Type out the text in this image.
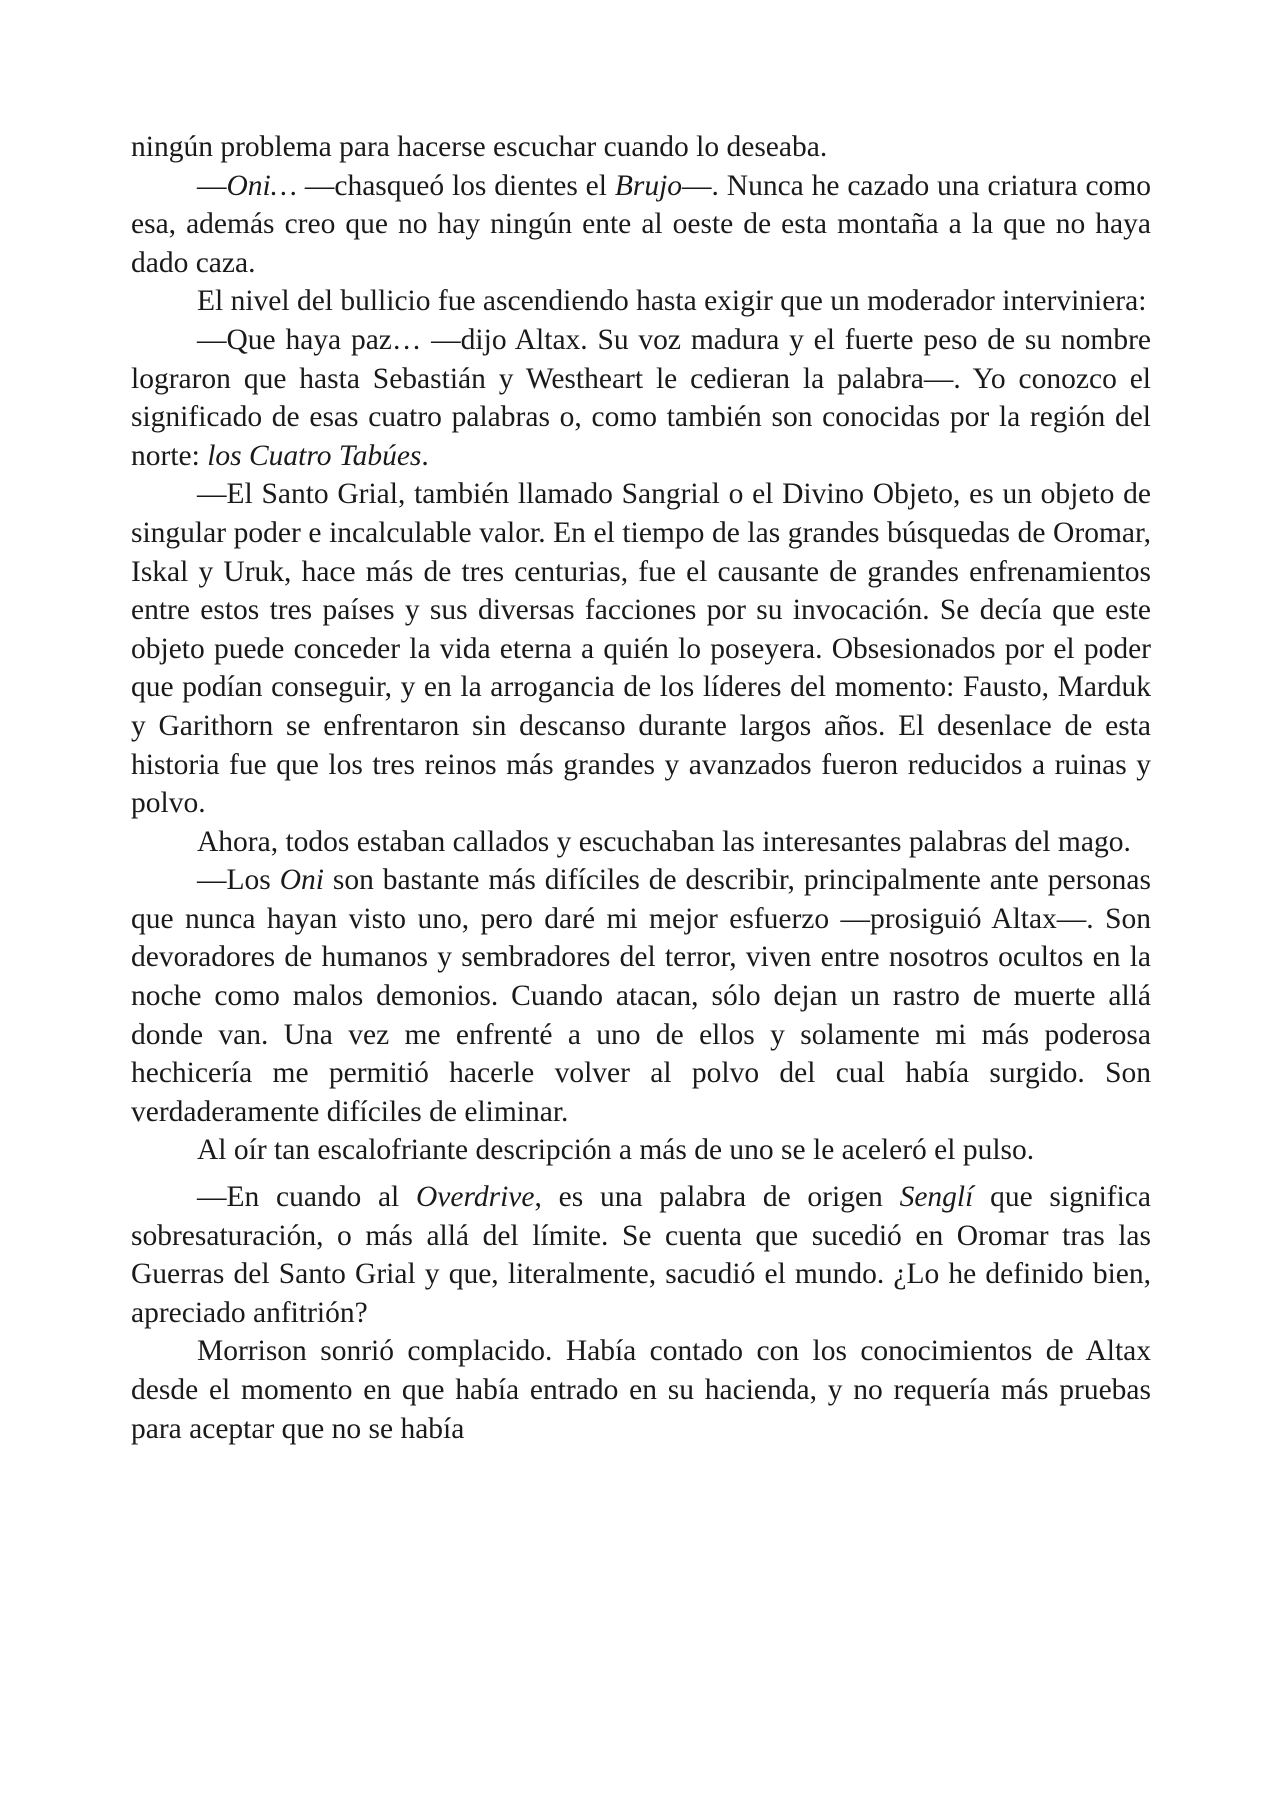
ningún problema para hacerse escuchar cuando lo deseaba.

—Oni… —chasqueó los dientes el Brujo—. Nunca he cazado una criatura como esa, además creo que no hay ningún ente al oeste de esta montaña a la que no haya dado caza.

El nivel del bullicio fue ascendiendo hasta exigir que un moderador interviniera:

—Que haya paz… —dijo Altax. Su voz madura y el fuerte peso de su nombre lograron que hasta Sebastián y Westheart le cedieran la palabra—. Yo conozco el significado de esas cuatro palabras o, como también son conocidas por la región del norte: los Cuatro Tabúes.

—El Santo Grial, también llamado Sangrial o el Divino Objeto, es un objeto de singular poder e incalculable valor. En el tiempo de las grandes búsquedas de Oromar, Iskal y Uruk, hace más de tres centurias, fue el causante de grandes enfrenamientos entre estos tres países y sus diversas facciones por su invocación. Se decía que este objeto puede conceder la vida eterna a quién lo poseyera. Obsesionados por el poder que podían conseguir, y en la arrogancia de los líderes del momento: Fausto, Marduk y Garithorn se enfrentaron sin descanso durante largos años. El desenlace de esta historia fue que los tres reinos más grandes y avanzados fueron reducidos a ruinas y polvo.

Ahora, todos estaban callados y escuchaban las interesantes palabras del mago.

—Los Oni son bastante más difíciles de describir, principalmente ante personas que nunca hayan visto uno, pero daré mi mejor esfuerzo —prosiguió Altax—. Son devoradores de humanos y sembradores del terror, viven entre nosotros ocultos en la noche como malos demonios. Cuando atacan, sólo dejan un rastro de muerte allá donde van. Una vez me enfrenté a uno de ellos y solamente mi más poderosa hechicería me permitió hacerle volver al polvo del cual había surgido. Son verdaderamente difíciles de eliminar.

Al oír tan escalofriante descripción a más de uno se le aceleró el pulso.

—En cuando al Overdrive, es una palabra de origen Senglí que significa sobresaturación, o más allá del límite. Se cuenta que sucedió en Oromar tras las Guerras del Santo Grial y que, literalmente, sacudió el mundo. ¿Lo he definido bien, apreciado anfitrión?

Morrison sonrió complacido. Había contado con los conocimientos de Altax desde el momento en que había entrado en su hacienda, y no requería más pruebas para aceptar que no se había
